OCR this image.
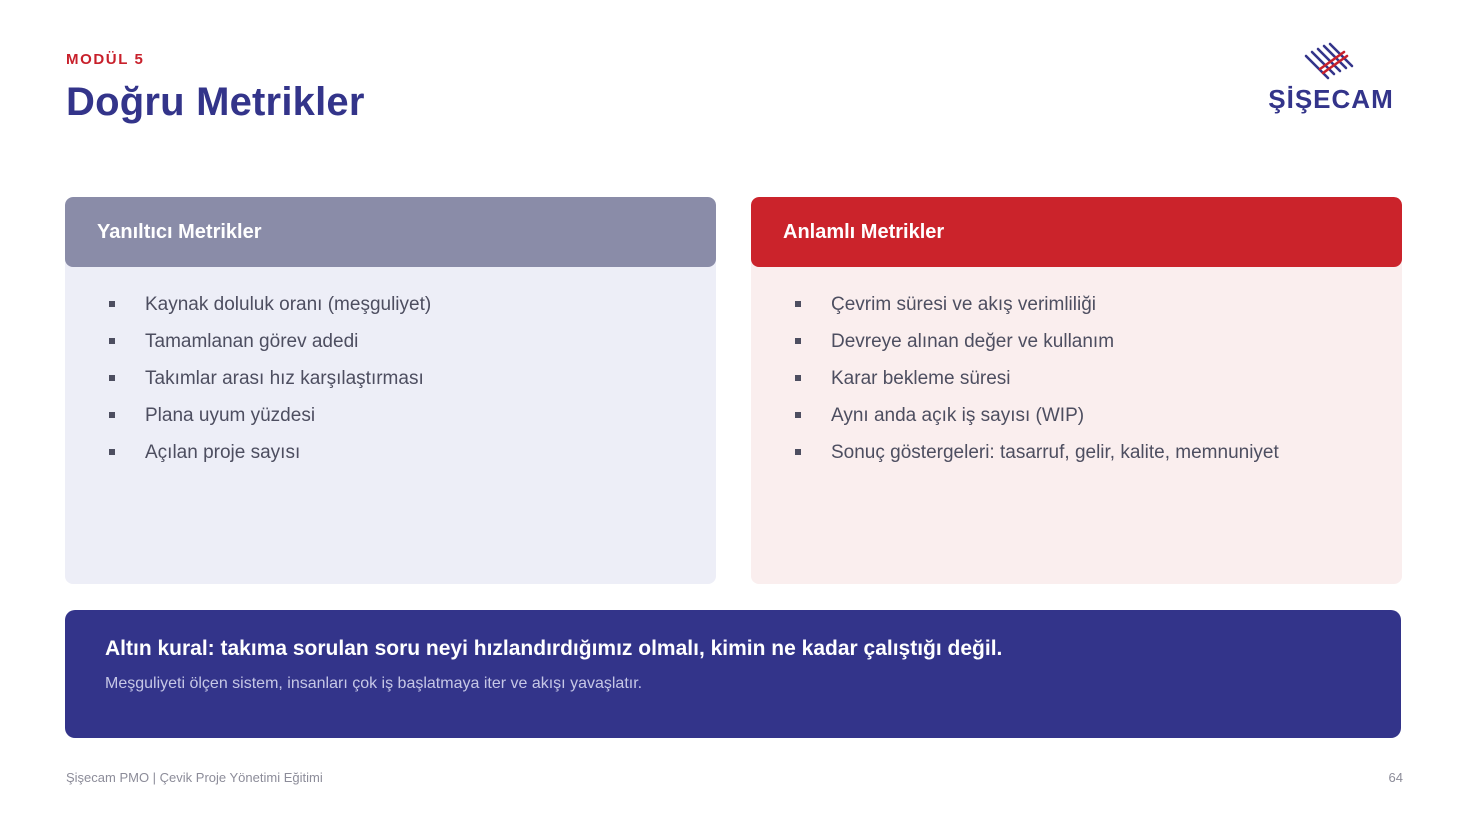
MODÜL 5
Doğru Metrikler	ŞİŞECAM
Yanıltıcı Metrikler
Kaynak doluluk oranı (meşguliyet)
Tamamlanan görev adedi
Takımlar arası hız karşılaştırması
Plana uyum yüzdesi
Açılan proje sayısı
Anlamlı Metrikler
Çevrim süresi ve akış verimliliği
Devreye alınan değer ve kullanım
Karar bekleme süresi
Aynı anda açık iş sayısı (WIP)
Sonuç göstergeleri: tasarruf, gelir, kalite, memnuniyet

Altın kural: takıma sorulan soru neyi hızlandırdığımız olmalı, kimin ne kadar çalıştığı değil.

Meşguliyeti ölçen sistem, insanları çok iş başlatmaya iter ve akışı yavaşlatır.
Şişecam PMO | Çevik Proje Yönetimi Eğitimi	64
